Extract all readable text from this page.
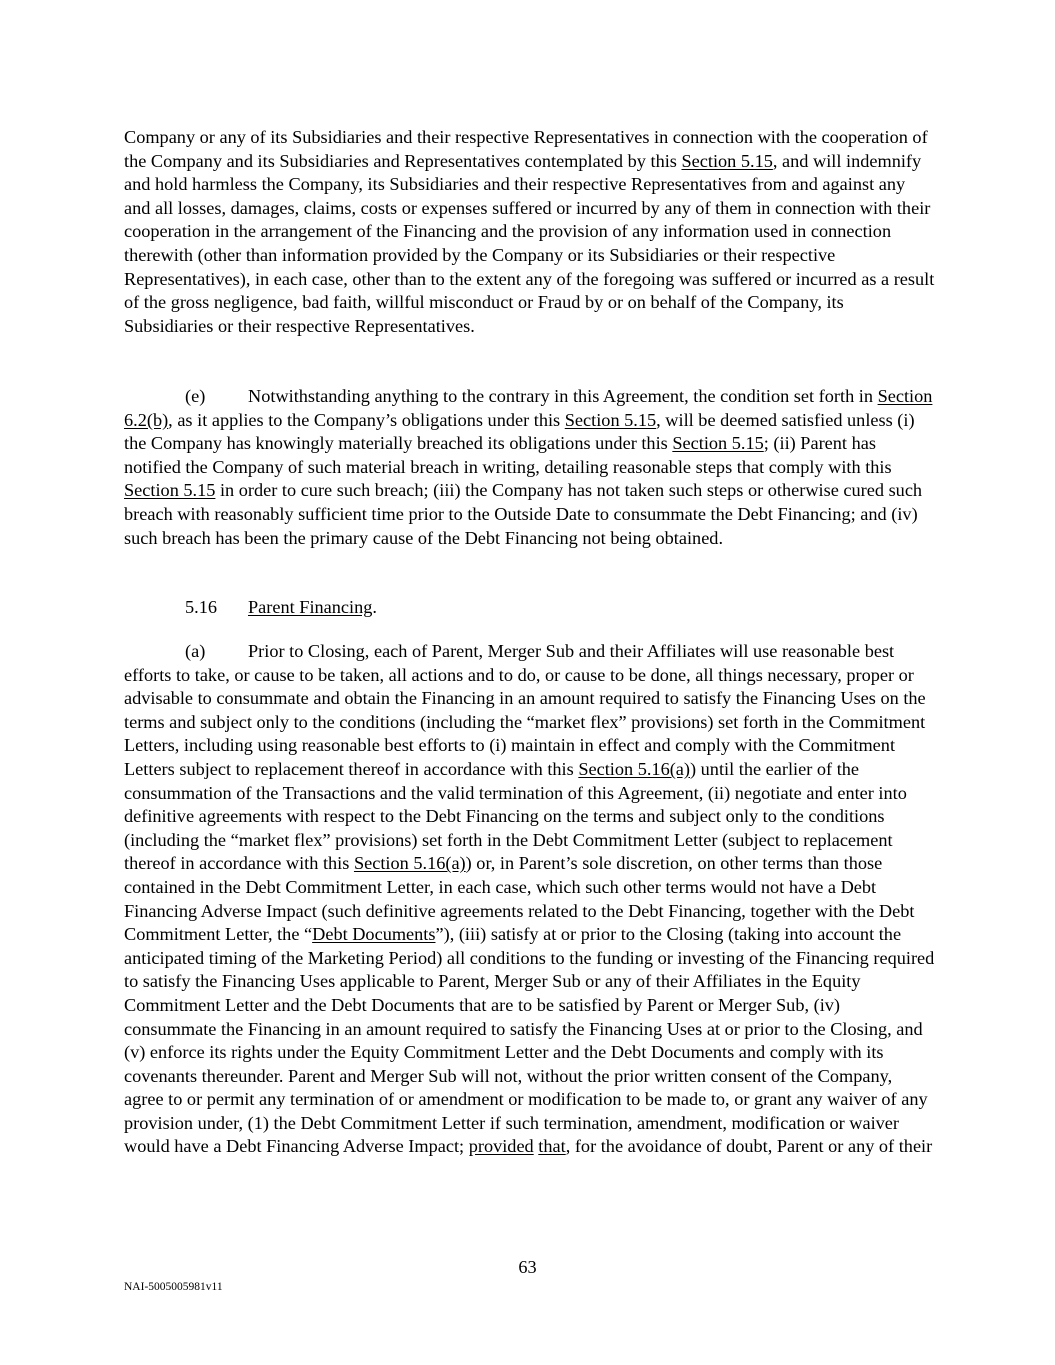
Company or any of its Subsidiaries and their respective Representatives in connection with the cooperation of the Company and its Subsidiaries and Representatives contemplated by this Section 5.15, and will indemnify and hold harmless the Company, its Subsidiaries and their respective Representatives from and against any and all losses, damages, claims, costs or expenses suffered or incurred by any of them in connection with their cooperation in the arrangement of the Financing and the provision of any information used in connection therewith (other than information provided by the Company or its Subsidiaries or their respective Representatives), in each case, other than to the extent any of the foregoing was suffered or incurred as a result of the gross negligence, bad faith, willful misconduct or Fraud by or on behalf of the Company, its Subsidiaries or their respective Representatives.

(e) Notwithstanding anything to the contrary in this Agreement, the condition set forth in Section 6.2(b), as it applies to the Company’s obligations under this Section 5.15, will be deemed satisfied unless (i) the Company has knowingly materially breached its obligations under this Section 5.15; (ii) Parent has notified the Company of such material breach in writing, detailing reasonable steps that comply with this Section 5.15 in order to cure such breach; (iii) the Company has not taken such steps or otherwise cured such breach with reasonably sufficient time prior to the Outside Date to consummate the Debt Financing; and (iv) such breach has been the primary cause of the Debt Financing not being obtained.

5.16 Parent Financing.

(a) Prior to Closing, each of Parent, Merger Sub and their Affiliates will use reasonable best efforts to take, or cause to be taken, all actions and to do, or cause to be done, all things necessary, proper or advisable to consummate and obtain the Financing in an amount required to satisfy the Financing Uses on the terms and subject only to the conditions (including the “market flex” provisions) set forth in the Commitment Letters, including using reasonable best efforts to (i) maintain in effect and comply with the Commitment Letters subject to replacement thereof in accordance with this Section 5.16(a)) until the earlier of the consummation of the Transactions and the valid termination of this Agreement, (ii) negotiate and enter into definitive agreements with respect to the Debt Financing on the terms and subject only to the conditions (including the “market flex” provisions) set forth in the Debt Commitment Letter (subject to replacement thereof in accordance with this Section 5.16(a)) or, in Parent’s sole discretion, on other terms than those contained in the Debt Commitment Letter, in each case, which such other terms would not have a Debt Financing Adverse Impact (such definitive agreements related to the Debt Financing, together with the Debt Commitment Letter, the “Debt Documents”), (iii) satisfy at or prior to the Closing (taking into account the anticipated timing of the Marketing Period) all conditions to the funding or investing of the Financing required to satisfy the Financing Uses applicable to Parent, Merger Sub or any of their Affiliates in the Equity Commitment Letter and the Debt Documents that are to be satisfied by Parent or Merger Sub, (iv) consummate the Financing in an amount required to satisfy the Financing Uses at or prior to the Closing, and (v) enforce its rights under the Equity Commitment Letter and the Debt Documents and comply with its covenants thereunder. Parent and Merger Sub will not, without the prior written consent of the Company, agree to or permit any termination of or amendment or modification to be made to, or grant any waiver of any provision under, (1) the Debt Commitment Letter if such termination, amendment, modification or waiver would have a Debt Financing Adverse Impact; provided that, for the avoidance of doubt, Parent or any of their

63
NAI-5005005981v11
